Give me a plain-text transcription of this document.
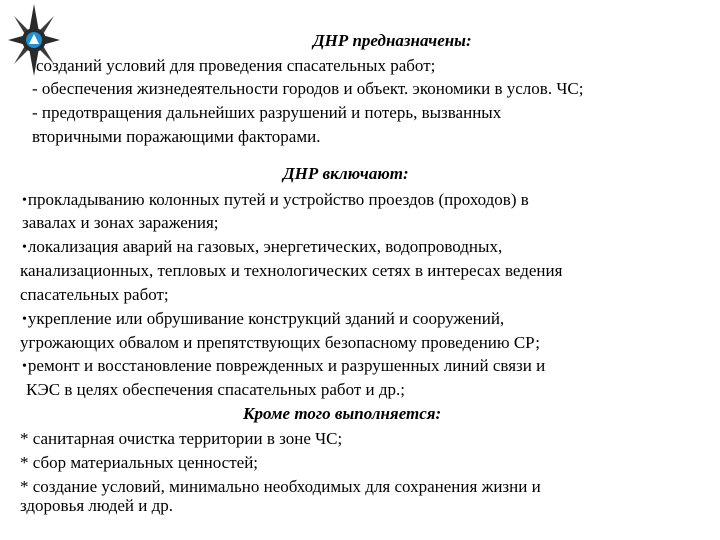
ДНР предназначены:
созданий условий для проведения спасательных работ;
- обеспечения жизнедеятельности городов и объект. экономики в услов. ЧС;
- предотвращения дальнейших разрушений и потерь, вызванных
вторичными поражающими факторами.
ДНР включают:
•прокладыванию колонных путей и устройство проездов (проходов) в
завалах и зонах заражения;
•локализация аварий на газовых, энергетических, водопроводных,
канализационных, тепловых и технологических сетях в интересах ведения
спасательных работ;
•укрепление или обрушивание конструкций зданий и сооружений,
угрожающих обвалом и препятствующих безопасному проведению СР;
•ремонт и восстановление поврежденных и разрушенных линий связи и
КЭС в целях обеспечения спасательных работ и др.;
Кроме того выполняется:
* санитарная очистка территории в зоне ЧС;
* сбор материальных ценностей;
* создание условий, минимально необходимых для сохранения жизни и
здоровья людей и др.
